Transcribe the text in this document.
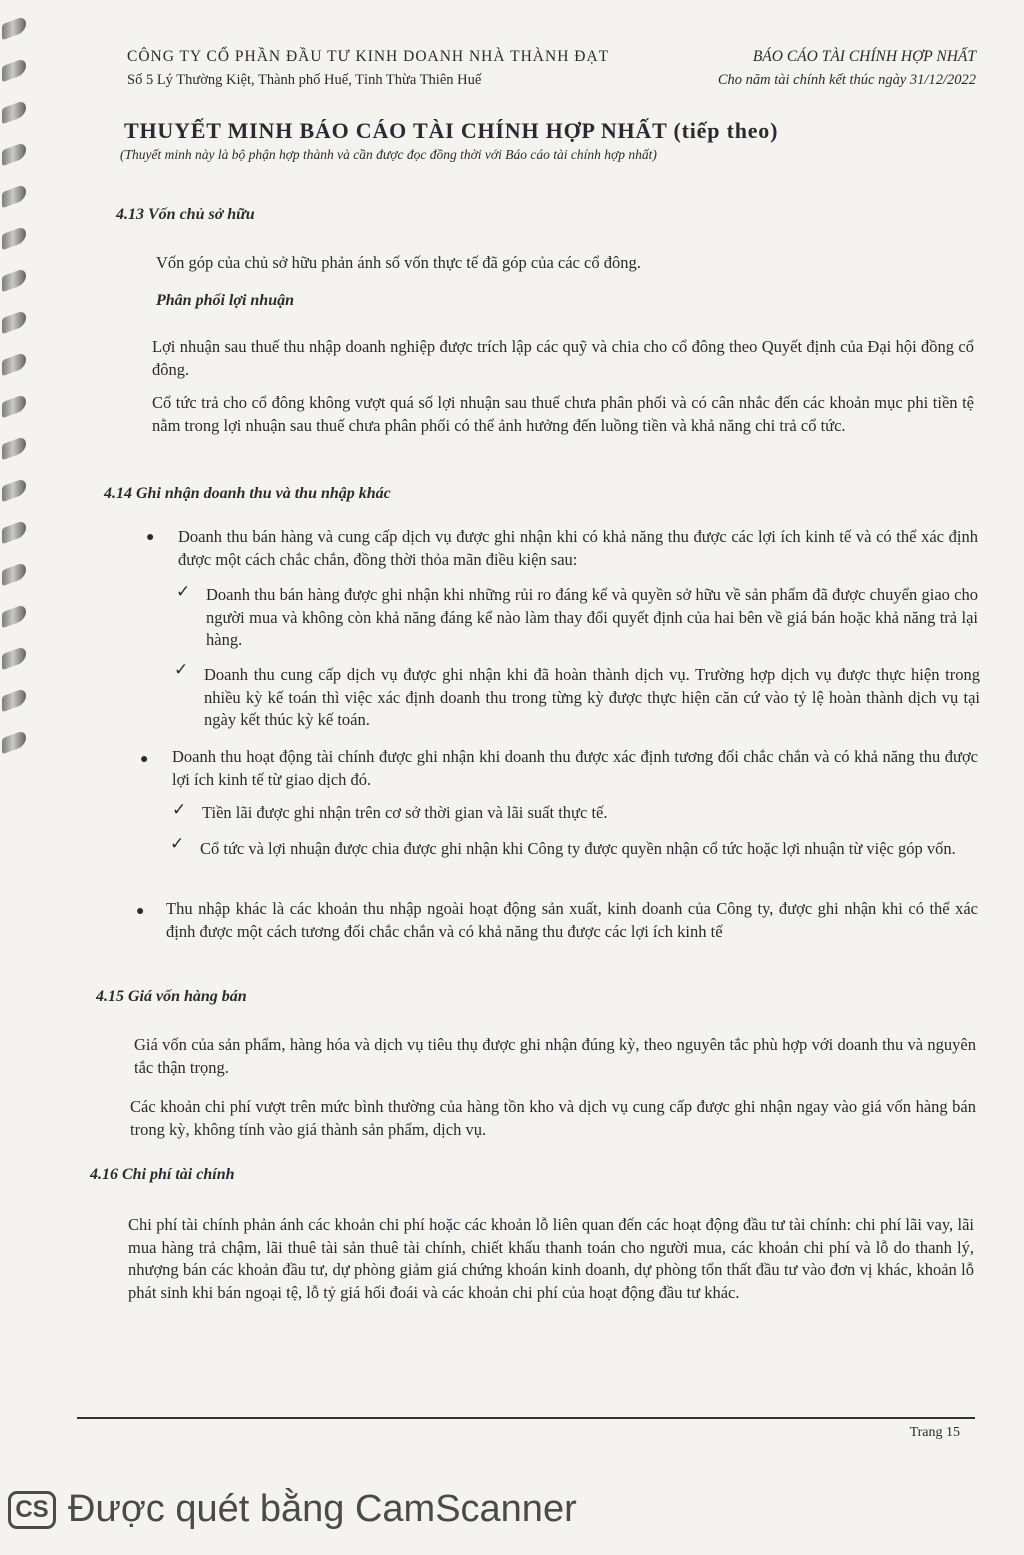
CÔNG TY CỔ PHẦN ĐẦU TƯ KINH DOANH NHÀ THÀNH ĐẠT
Số 5 Lý Thường Kiệt, Thành phố Huế, Tỉnh Thừa Thiên Huế
BÁO CÁO TÀI CHÍNH HỢP NHẤT
Cho năm tài chính kết thúc ngày 31/12/2022
THUYẾT MINH BÁO CÁO TÀI CHÍNH HỢP NHẤT (tiếp theo)
(Thuyết minh này là bộ phận hợp thành và cần được đọc đồng thời với Báo cáo tài chính hợp nhất)
4.13 Vốn chủ sở hữu
Vốn góp của chủ sở hữu phản ánh số vốn thực tế đã góp của các cổ đông.
Phân phối lợi nhuận
Lợi nhuận sau thuế thu nhập doanh nghiệp được trích lập các quỹ và chia cho cổ đông theo Quyết định của Đại hội đồng cổ đông.
Cổ tức trả cho cổ đông không vượt quá số lợi nhuận sau thuế chưa phân phối và có cân nhắc đến các khoản mục phi tiền tệ nằm trong lợi nhuận sau thuế chưa phân phối có thể ảnh hưởng đến luồng tiền và khả năng chi trả cổ tức.
4.14 Ghi nhận doanh thu và thu nhập khác
● Doanh thu bán hàng và cung cấp dịch vụ được ghi nhận khi có khả năng thu được các lợi ích kinh tế và có thể xác định được một cách chắc chắn, đồng thời thỏa mãn điều kiện sau:
✓ Doanh thu bán hàng được ghi nhận khi những rủi ro đáng kể và quyền sở hữu về sản phẩm đã được chuyển giao cho người mua và không còn khả năng đáng kể nào làm thay đổi quyết định của hai bên về giá bán hoặc khả năng trả lại hàng.
✓ Doanh thu cung cấp dịch vụ được ghi nhận khi đã hoàn thành dịch vụ. Trường hợp dịch vụ được thực hiện trong nhiều kỳ kế toán thì việc xác định doanh thu trong từng kỳ được thực hiện căn cứ vào tỷ lệ hoàn thành dịch vụ tại ngày kết thúc kỳ kế toán.
● Doanh thu hoạt động tài chính được ghi nhận khi doanh thu được xác định tương đối chắc chắn và có khả năng thu được lợi ích kinh tế từ giao dịch đó.
✓ Tiền lãi được ghi nhận trên cơ sở thời gian và lãi suất thực tế.
✓ Cổ tức và lợi nhuận được chia được ghi nhận khi Công ty được quyền nhận cổ tức hoặc lợi nhuận từ việc góp vốn.
● Thu nhập khác là các khoản thu nhập ngoài hoạt động sản xuất, kinh doanh của Công ty, được ghi nhận khi có thể xác định được một cách tương đối chắc chắn và có khả năng thu được các lợi ích kinh tế
4.15 Giá vốn hàng bán
Giá vốn của sản phẩm, hàng hóa và dịch vụ tiêu thụ được ghi nhận đúng kỳ, theo nguyên tắc phù hợp với doanh thu và nguyên tắc thận trọng.
Các khoản chi phí vượt trên mức bình thường của hàng tồn kho và dịch vụ cung cấp được ghi nhận ngay vào giá vốn hàng bán trong kỳ, không tính vào giá thành sản phẩm, dịch vụ.
4.16 Chi phí tài chính
Chi phí tài chính phản ánh các khoản chi phí hoặc các khoản lỗ liên quan đến các hoạt động đầu tư tài chính: chi phí lãi vay, lãi mua hàng trả chậm, lãi thuê tài sản thuê tài chính, chiết khấu thanh toán cho người mua, các khoản chi phí và lỗ do thanh lý, nhượng bán các khoản đầu tư, dự phòng giảm giá chứng khoán kinh doanh, dự phòng tổn thất đầu tư vào đơn vị khác, khoản lỗ phát sinh khi bán ngoại tệ, lỗ tỷ giá hối đoái và các khoản chi phí của hoạt động đầu tư khác.
Trang 15
CS Được quét bằng CamScanner
